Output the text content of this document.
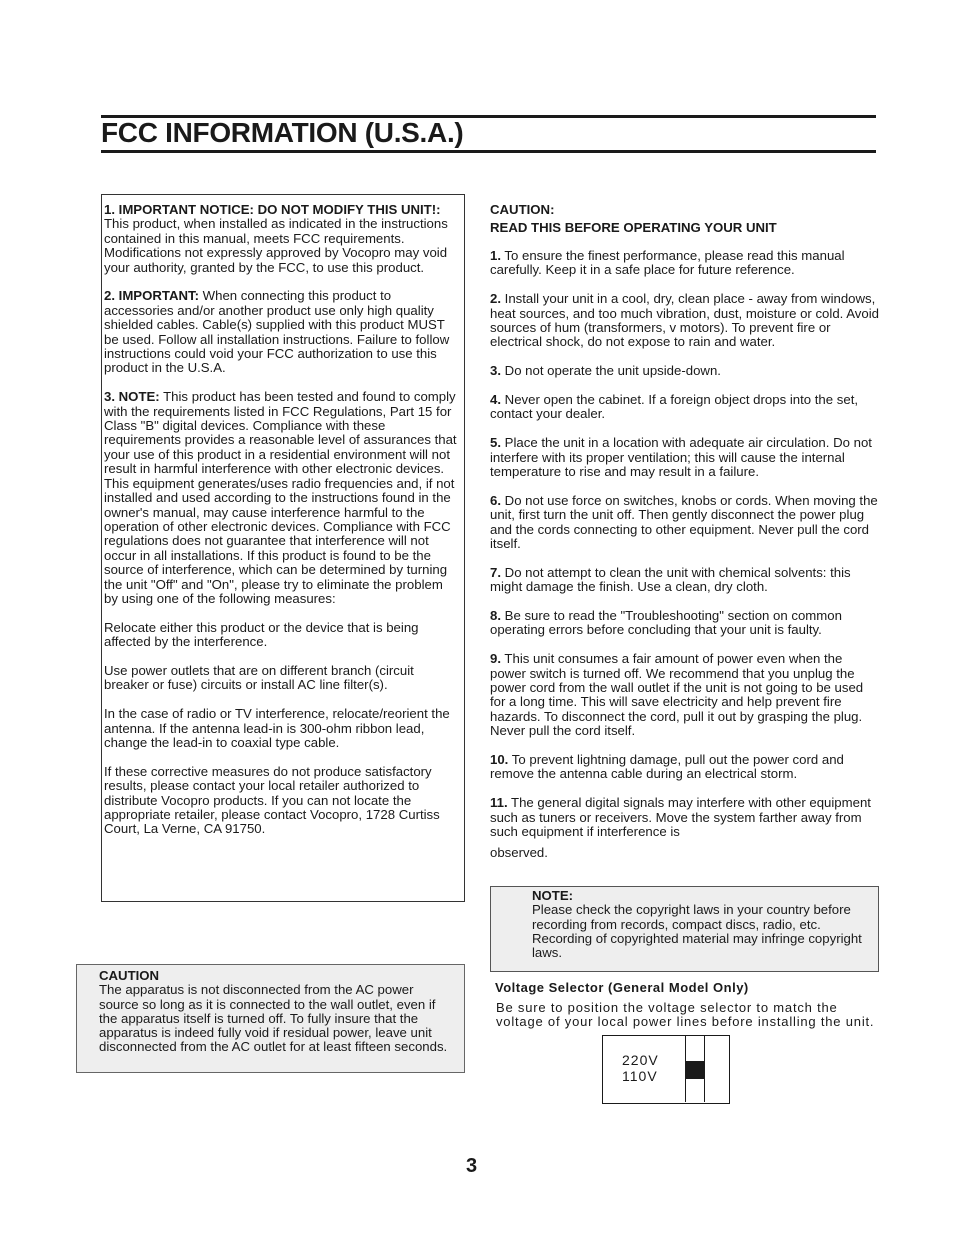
FCC INFORMATION (U.S.A.)

1. IMPORTANT NOTICE: DO NOT MODIFY THIS UNIT!: This product, when installed as indicated in the instructions contained in this manual, meets FCC requirements. Modifications not expressly approved by Vocopro may void your authority, granted by the FCC, to use this product.

2. IMPORTANT: When connecting this product to accessories and/or another product use only high quality shielded cables. Cable(s) supplied with this product MUST be used. Follow all installation instructions. Failure to follow instructions could void your FCC authorization to use this product in the U.S.A.

3. NOTE: This product has been tested and found to comply with the requirements listed in FCC Regulations, Part 15 for Class "B" digital devices. Compliance with these requirements provides a reasonable level of assurances that your use of this product in a residential environment will not result in harmful interference with other electronic devices. This equipment generates/uses radio frequencies and, if not installed and used according to the instructions found in the owner's manual, may cause interference harmful to the operation of other electronic devices. Compliance with FCC regulations does not guarantee that interference will not occur in all installations. If this product is found to be the source of interference, which can be determined by turning the unit "Off" and "On", please try to eliminate the problem by using one of the following measures:

Relocate either this product or the device that is being affected by the interference.

Use power outlets that are on different branch (circuit breaker or fuse) circuits or install AC line filter(s).

In the case of radio or TV interference, relocate/reorient the antenna. If the antenna lead-in is 300-ohm ribbon lead, change the lead-in to coaxial type cable.

If these corrective measures do not produce satisfactory results, please contact your local retailer authorized to distribute Vocopro products. If you can not locate the appropriate retailer, please contact Vocopro, 1728 Curtiss Court, La Verne, CA 91750.

CAUTION

The apparatus is not disconnected from the AC power source so long as it is connected to the wall outlet, even if the apparatus itself is turned off. To fully insure that the apparatus is indeed fully void if residual power, leave unit disconnected from the AC outlet for at least fifteen seconds.

CAUTION:
READ THIS BEFORE OPERATING YOUR UNIT

1. To ensure the finest performance, please read this manual carefully. Keep it in a safe place for future reference.

2. Install your unit in a cool, dry, clean place - away from windows, heat sources, and too much vibration, dust, moisture or cold. Avoid sources of hum (transformers, v motors). To prevent fire or electrical shock, do not expose to rain and water.

3. Do not operate the unit upside-down.

4. Never open the cabinet. If a foreign object drops into the set, contact your dealer.

5. Place the unit in a location with adequate air circulation. Do not interfere with its proper ventilation; this will cause the internal temperature to rise and may result in a failure.

6. Do not use force on switches, knobs or cords. When moving the unit, first turn the unit off. Then gently disconnect the power plug and the cords connecting to other equipment. Never pull the cord itself.

7. Do not attempt to clean the unit with chemical solvents: this might damage the finish. Use a clean, dry cloth.

8. Be sure to read the "Troubleshooting" section on common operating errors before concluding that your unit is faulty.

9. This unit consumes a fair amount of power even when the power switch is turned off. We recommend that you unplug the power cord from the wall outlet if the unit is not going to be used for a long time. This will save electricity and help prevent fire hazards. To disconnect the cord, pull it out by grasping the plug. Never pull the cord itself.

10. To prevent lightning damage, pull out the power cord and remove the antenna cable during an electrical storm.

11. The general digital signals may interfere with other equipment such as tuners or receivers. Move the system farther away from such equipment if interference is

observed.

NOTE:

Please check the copyright laws in your country before recording from records, compact discs, radio, etc. Recording of copyrighted material may infringe copyright laws.

Voltage Selector (General Model Only)

Be sure to position the voltage selector to match the voltage of your local power lines before installing the unit.

220V
110V

3
